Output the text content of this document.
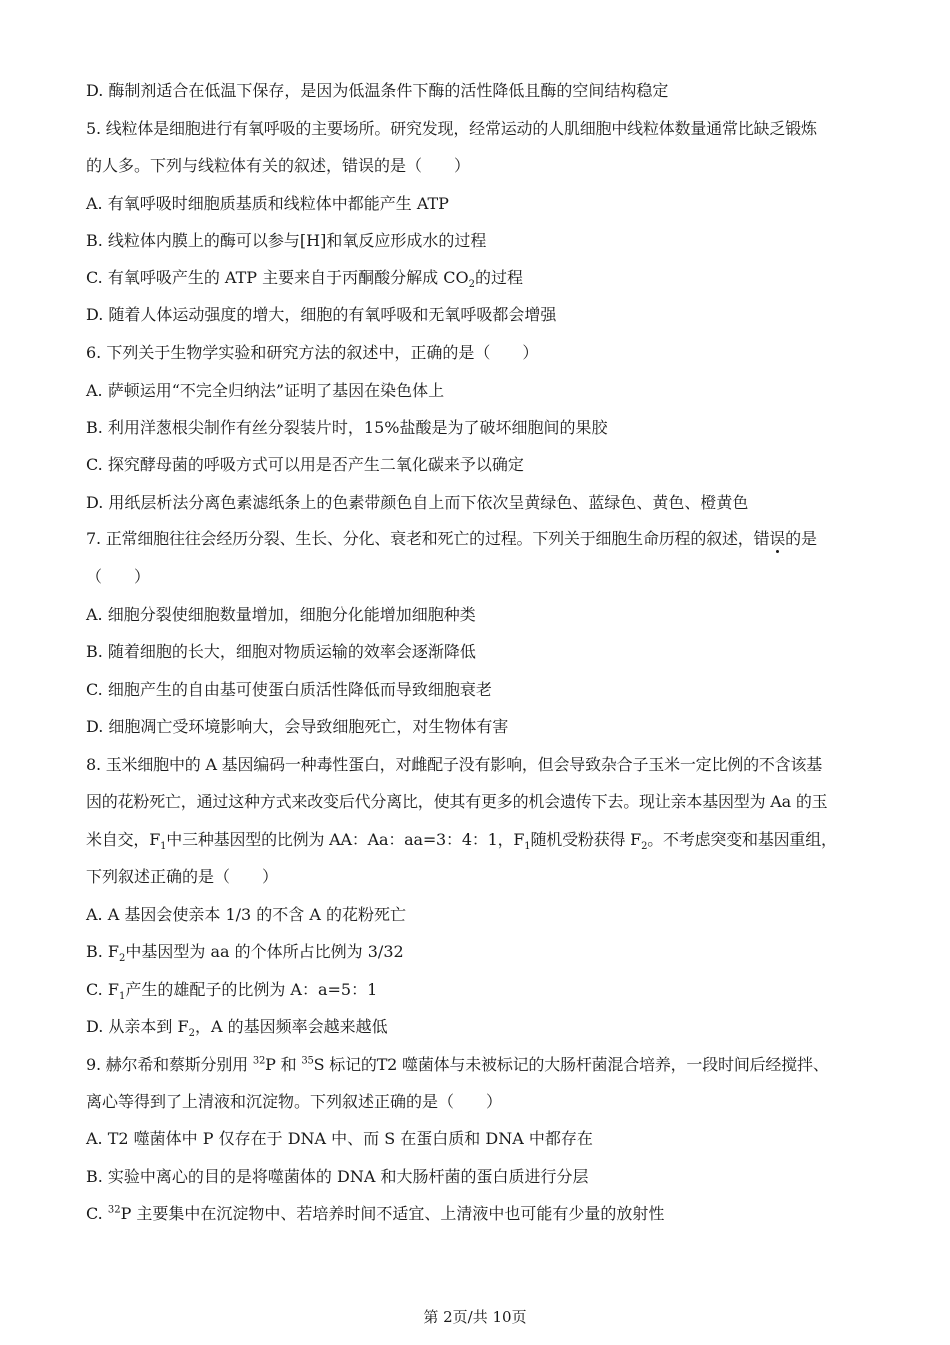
D. 酶制剂适合在低温下保存，是因为低温条件下酶的活性降低且酶的空间结构稳定
5. 线粒体是细胞进行有氧呼吸的主要场所。研究发现，经常运动的人肌细胞中线粒体数量通常比缺乏锻炼
的人多。下列与线粒体有关的叙述，错误的是（　　）
A. 有氧呼吸时细胞质基质和线粒体中都能产生 ATP
B. 线粒体内膜上的酶可以参与[H]和氧反应形成水的过程
C. 有氧呼吸产生的 ATP 主要来自于丙酮酸分解成 $CO_2$的过程
D. 随着人体运动强度的增大，细胞的有氧呼吸和无氧呼吸都会增强
6. 下列关于生物学实验和研究方法的叙述中，正确的是（　　）
A. 萨顿运用“不完全归纳法”证明了基因在染色体上
B. 利用洋葱根尖制作有丝分裂装片时，15%盐酸是为了破坏细胞间的果胶
C. 探究酵母菌的呼吸方式可以用是否产生二氧化碳来予以确定
D. 用纸层析法分离色素滤纸条上的色素带颜色自上而下依次呈黄绿色、蓝绿色、黄色、橙黄色
7. 正常细胞往往会经历分裂、生长、分化、衰老和死亡的过程。下列关于细胞生命历程的叙述，错误的是
（　　）
A. 细胞分裂使细胞数量增加，细胞分化能增加细胞种类
B. 随着细胞的长大，细胞对物质运输的效率会逐渐降低
C. 细胞产生的自由基可使蛋白质活性降低而导致细胞衰老
D. 细胞凋亡受环境影响大，会导致细胞死亡，对生物体有害
8. 玉米细胞中的 A 基因编码一种毒性蛋白，对雌配子没有影响，但会导致杂合子玉米一定比例的不含该基
因的花粉死亡，通过这种方式来改变后代分离比，使其有更多的机会遗传下去。现让亲本基因型为 Aa 的玉
米自交，$F_1$中三种基因型的比例为 AA：Aa：aa=3：4：1，$F_1$随机受粉获得 $F_2$。不考虑突变和基因重组，
下列叙述正确的是（　　）
A. A 基因会使亲本 1/3 的不含 A 的花粉死亡
B. $F_2$中基因型为 aa 的个体所占比例为 3/32
C. $F_1$产生的雄配子的比例为 A：a=5：1
D. 从亲本到 $F_2$，A 的基因频率会越来越低
9. 赫尔希和蔡斯分别用 $^{32}$P 和 $^{35}$S 标记的T2 噬菌体与未被标记的大肠杆菌混合培养，一段时间后经搅拌、
离心等得到了上清液和沉淀物。下列叙述正确的是（　　）
A. T2 噬菌体中 P 仅存在于 DNA 中、而 S 在蛋白质和 DNA 中都存在
B. 实验中离心的目的是将噬菌体的 DNA 和大肠杆菌的蛋白质进行分层
C. $^{32}$P 主要集中在沉淀物中、若培养时间不适宜、上清液中也可能有少量的放射性
第 2页/共 10页
